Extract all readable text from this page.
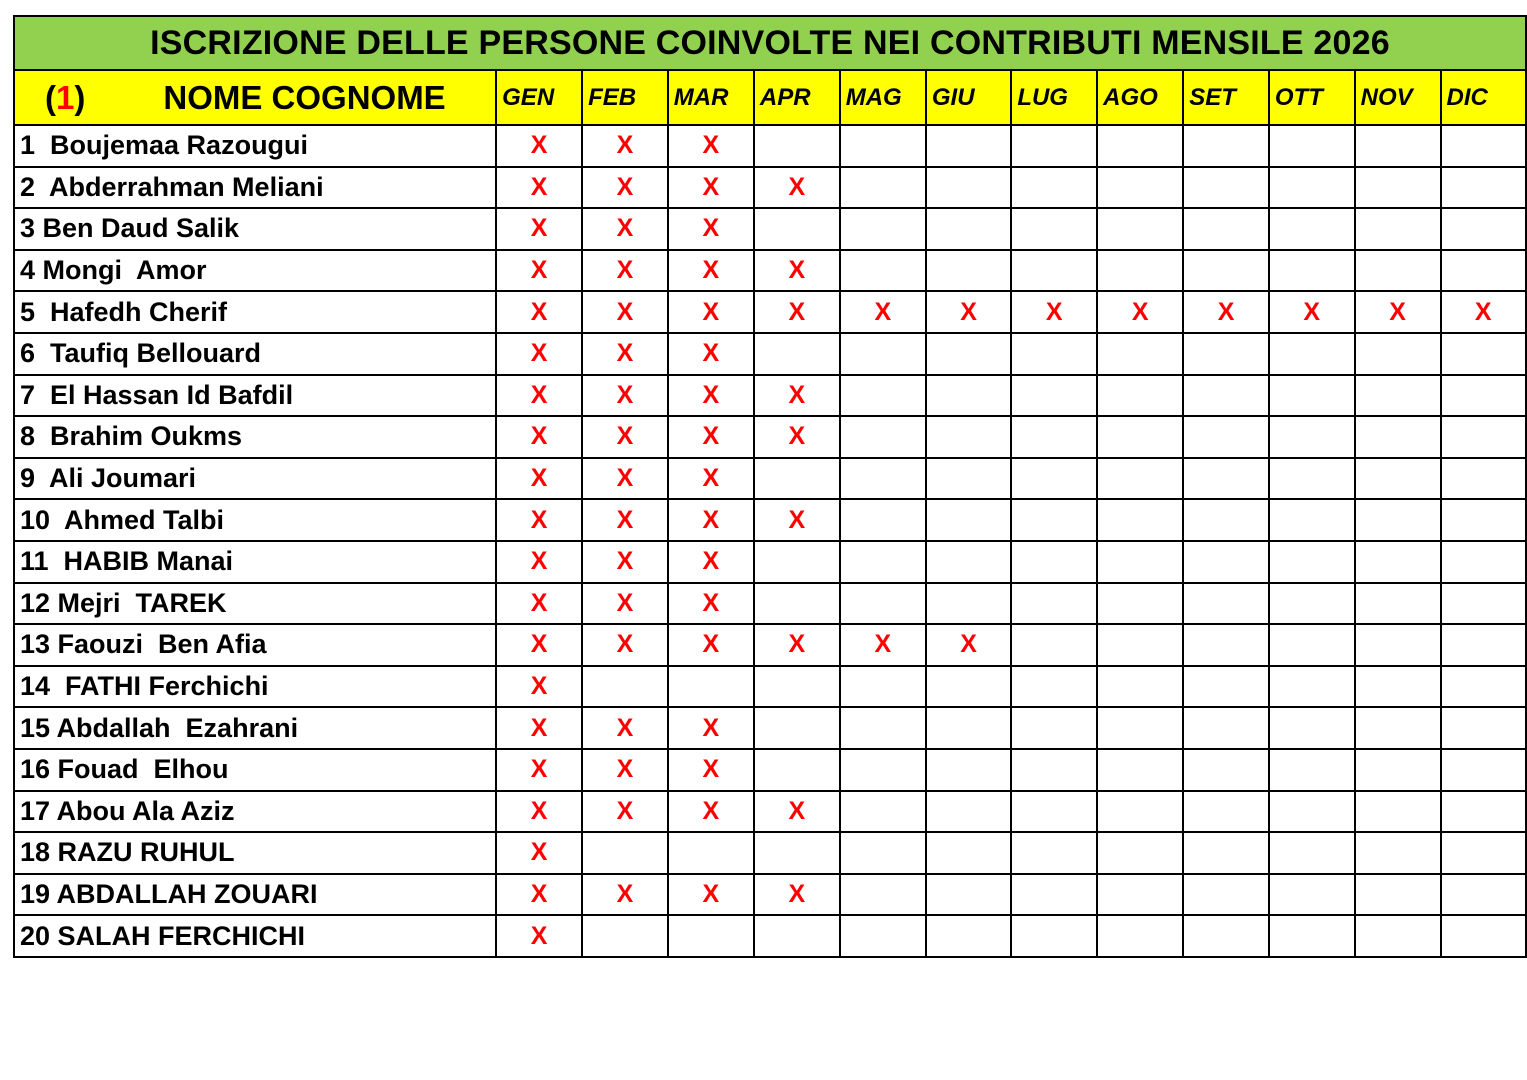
ISCRIZIONE DELLE PERSONE COINVOLTE NEI CONTRIBUTI MENSILE 2026												
(1) NOME COGNOME	GEN	FEB	MAR	APR	MAG	GIU	LUG	AGO	SET	OTT	NOV	DIC
1  Boujemaa Razougui	X	X	X									
2  Abderrahman Meliani	X	X	X	X								
3 Ben Daud Salik	X	X	X									
4 Mongi  Amor	X	X	X	X								
5  Hafedh Cherif	X	X	X	X	X	X	X	X	X	X	X	X
6  Taufiq Bellouard	X	X	X									
7  El Hassan Id Bafdil	X	X	X	X								
8  Brahim Oukms	X	X	X	X								
9  Ali Joumari	X	X	X									
10  Ahmed Talbi	X	X	X	X								
11  HABIB Manai	X	X	X									
12 Mejri  TAREK	X	X	X									
13 Faouzi  Ben Afia	X	X	X	X	X	X						
14  FATHI Ferchichi	X											
15 Abdallah  Ezahrani	X	X	X									
16 Fouad  Elhou	X	X	X									
17 Abou Ala Aziz	X	X	X	X								
18 RAZU RUHUL	X											
19 ABDALLAH ZOUARI	X	X	X	X								
20 SALAH FERCHICHI	X											
